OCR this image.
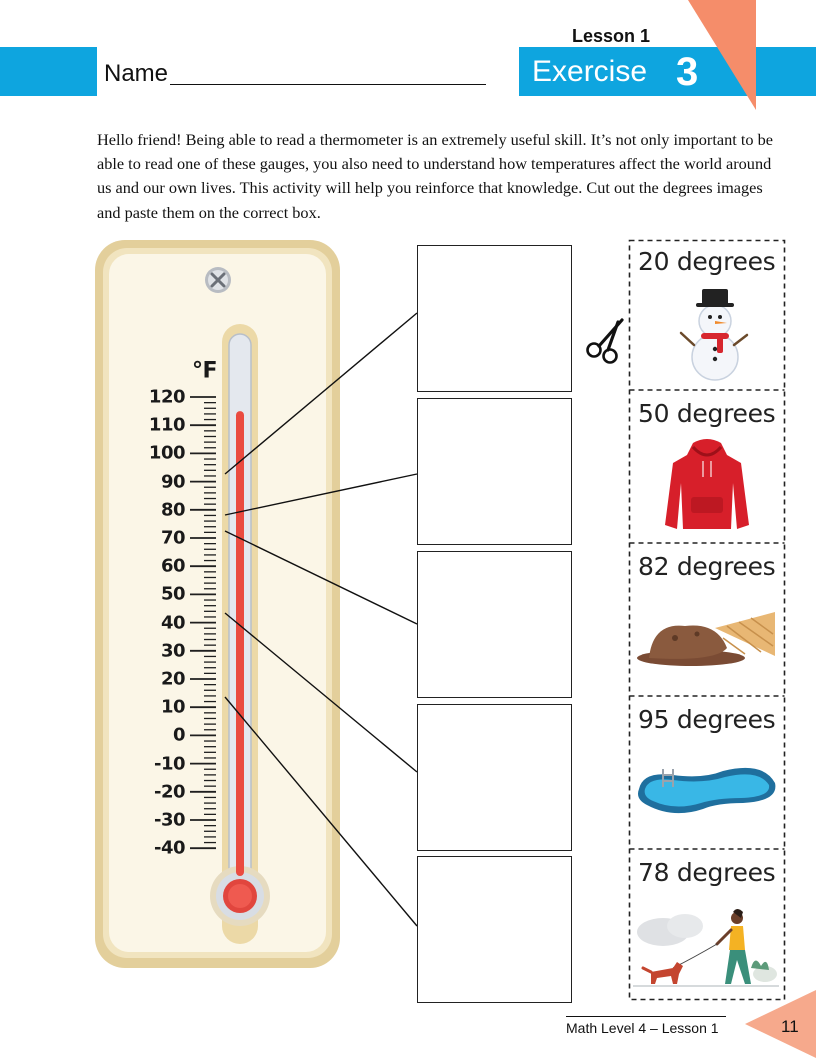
Name
Lesson 1
Exercise 3
Hello friend! Being able to read a thermometer is an extremely useful skill. It’s not only important to be able to read one of these gauges, you also need to understand how temperatures affect the world around us and our own lives. This activity will help you reinforce that knowledge. Cut out the degrees images and paste them on the correct box.
°F
120
110
100
90
80
70
60
50
40
30
20
10
0
-10
-20
-30
-40
20 degrees
50 degrees
82 degrees
95 degrees
78 degrees
Math Level 4 – Lesson 1	11
